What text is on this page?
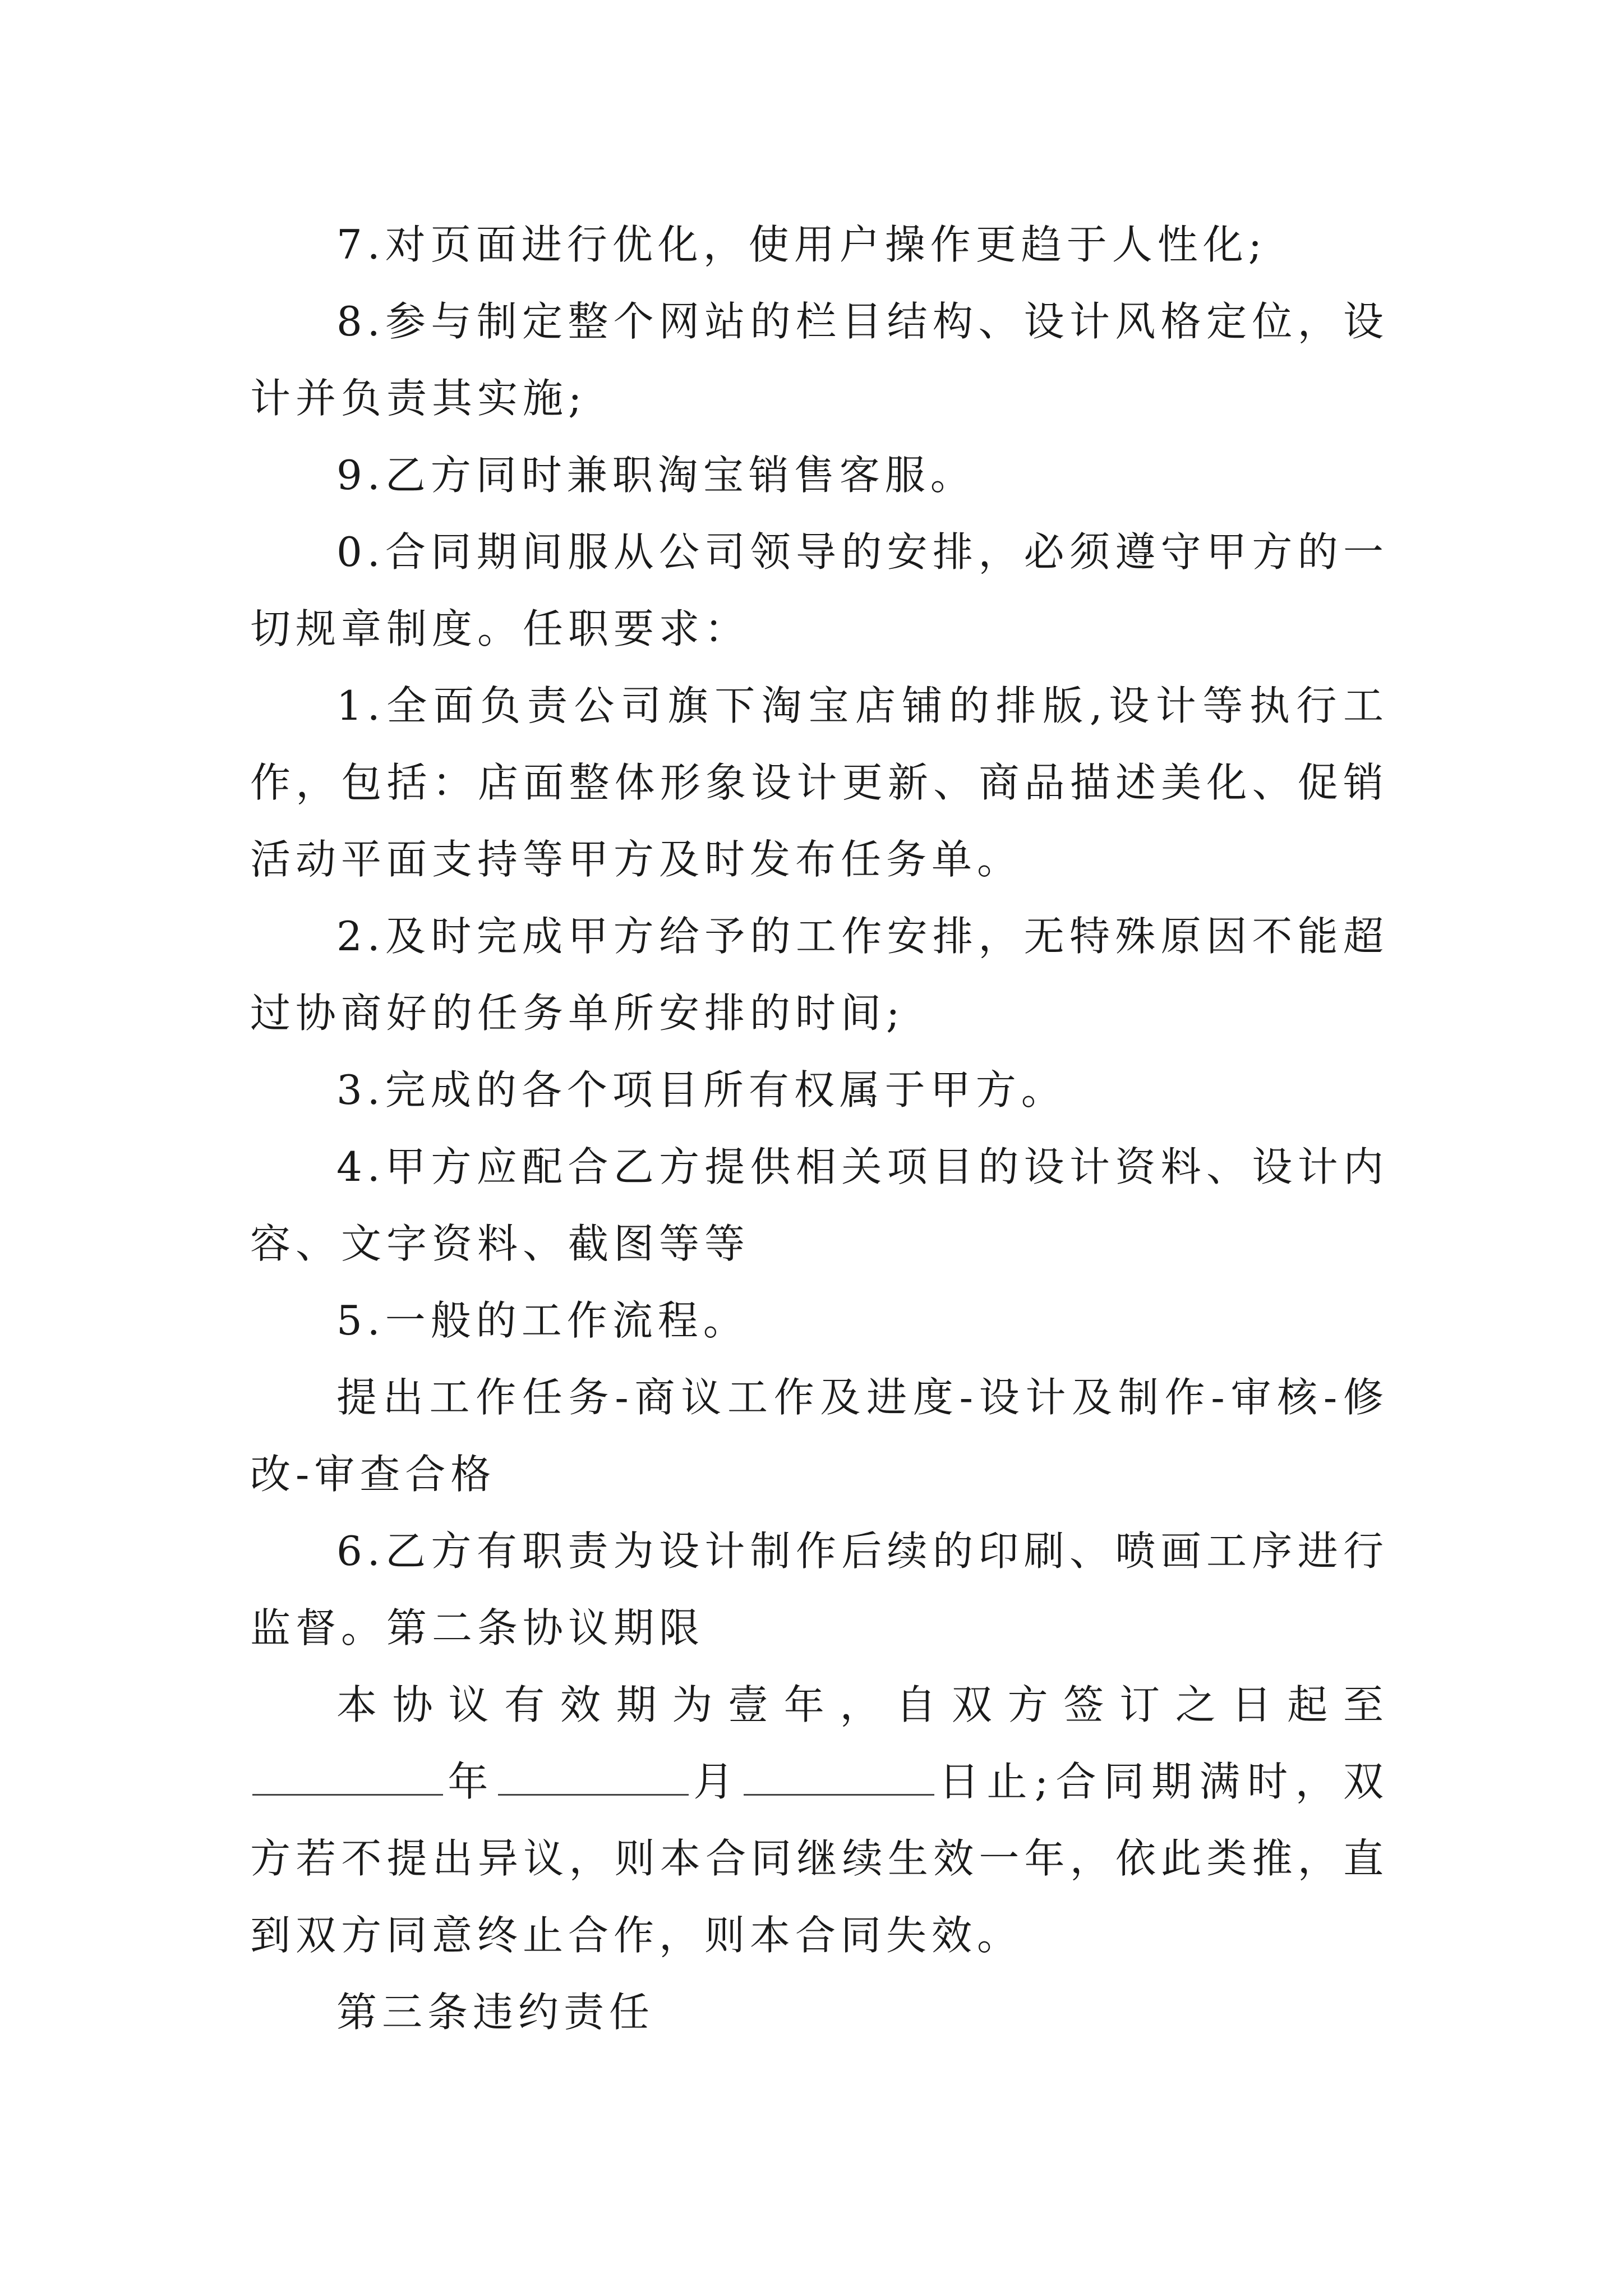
7.对页面进行优化，使用户操作更趋于人性化;

8.参与制定整个网站的栏目结构、设计风格定位，设计并负责其实施;

9.乙方同时兼职淘宝销售客服。

0.合同期间服从公司领导的安排，必须遵守甲方的一切规章制度。任职要求：

1.全面负责公司旗下淘宝店铺的排版,设计等执行工作，包括：店面整体形象设计更新、商品描述美化、促销活动平面支持等甲方及时发布任务单。

2.及时完成甲方给予的工作安排，无特殊原因不能超过协商好的任务单所安排的时间;

3.完成的各个项目所有权属于甲方。

4.甲方应配合乙方提供相关项目的设计资料、设计内容、文字资料、截图等等

5.一般的工作流程。

提出工作任务-商议工作及进度-设计及制作-审核-修改-审查合格

6.乙方有职责为设计制作后续的印刷、喷画工序进行监督。第二条协议期限

本协议有效期为壹年，自双方签订之日起至年	月	日止;合同期满时，双方若不提出异议，则本合同继续生效一年，依此类推，直到双方同意终止合作，则本合同失效。

第三条违约责任
